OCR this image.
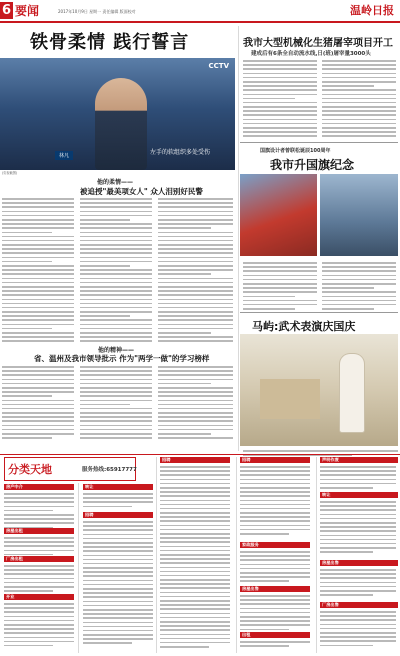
6 要闻	2017年10月9日 星期一 责任编辑 版面校对	温岭日报
铁骨柔情 践行誓言
CCTV
林凡	左手的软组织多处受伤
(央视截图)
他的柔情——
被追授"最美项女人" 众人泪别好民警
他的精神——
省、温州及我市领导批示 作为"两学一做"的学习榜样
我市大型机械化生猪屠宰项目开工
建成后有6条全自动流水线,日(班)屠宰量3000头
国旗设计者曾联松诞辰100周年
我市升国旗纪念
马屿:武术表演庆国庆
分类天地	服务热线:65917777
房产中介
房屋出租
厂房出租
开业
转让
招聘
招聘	招聘
家政服务
房屋出售
出租
声明作废
转让
房屋出售
厂房出售
